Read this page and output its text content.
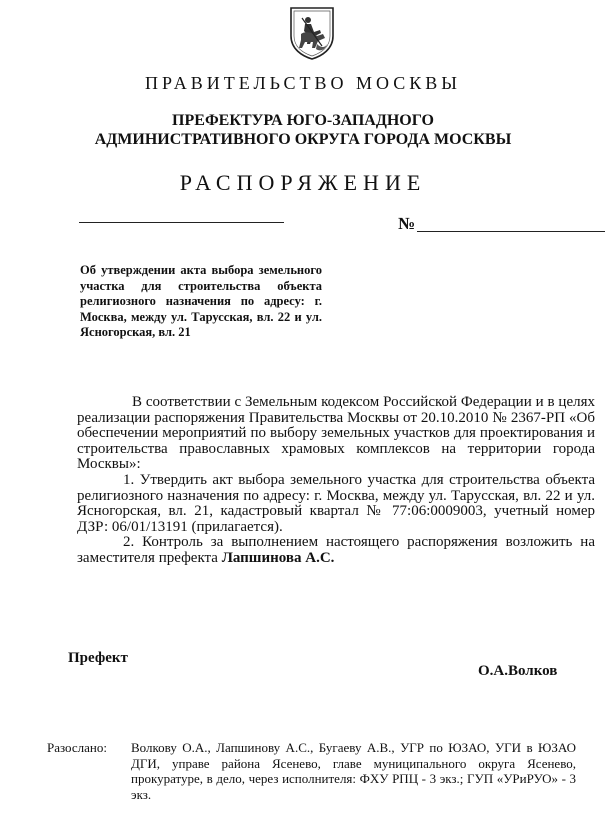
ПРАВИТЕЛЬСТВО МОСКВЫ
ПРЕФЕКТУРА ЮГО-ЗАПАДНОГО
АДМИНИСТРАТИВНОГО ОКРУГА ГОРОДА МОСКВЫ
РАСПОРЯЖЕНИЕ
№
Об утверждении акта выбора земельного участка для строительства объекта религиозного назначения по адресу: г. Москва, между ул. Тарусская, вл. 22 и ул. Ясногорская, вл. 21

В соответствии с Земельным кодексом Российской Федерации и в целях реализации распоряжения Правительства Москвы от 20.10.2010 № 2367-РП «Об обеспечении мероприятий по выбору земельных участков для проектирования и строительства православных храмовых комплексов на территории города Москвы»:

1. Утвердить акт выбора земельного участка для строительства объекта религиозного назначения по адресу: г. Москва, между ул. Тарусская, вл. 22 и ул. Ясногорская, вл. 21, кадастровый квартал № 77:06:0009003, учетный номер ДЗР: 06/01/13191 (прилагается).

2. Контроль за выполнением настоящего распоряжения возложить на заместителя префекта Лапшинова А.С.

Префект
О.А.Волков
Разослано: Волкову О.А., Лапшинову А.С., Бугаеву А.В., УГР по ЮЗАО, УГИ в ЮЗАО ДГИ, управе района Ясенево, главе муниципального округа Ясенево, прокуратуре, в дело, через исполнителя: ФХУ РПЦ - 3 экз.; ГУП «УРиРУО» - 3 экз.
